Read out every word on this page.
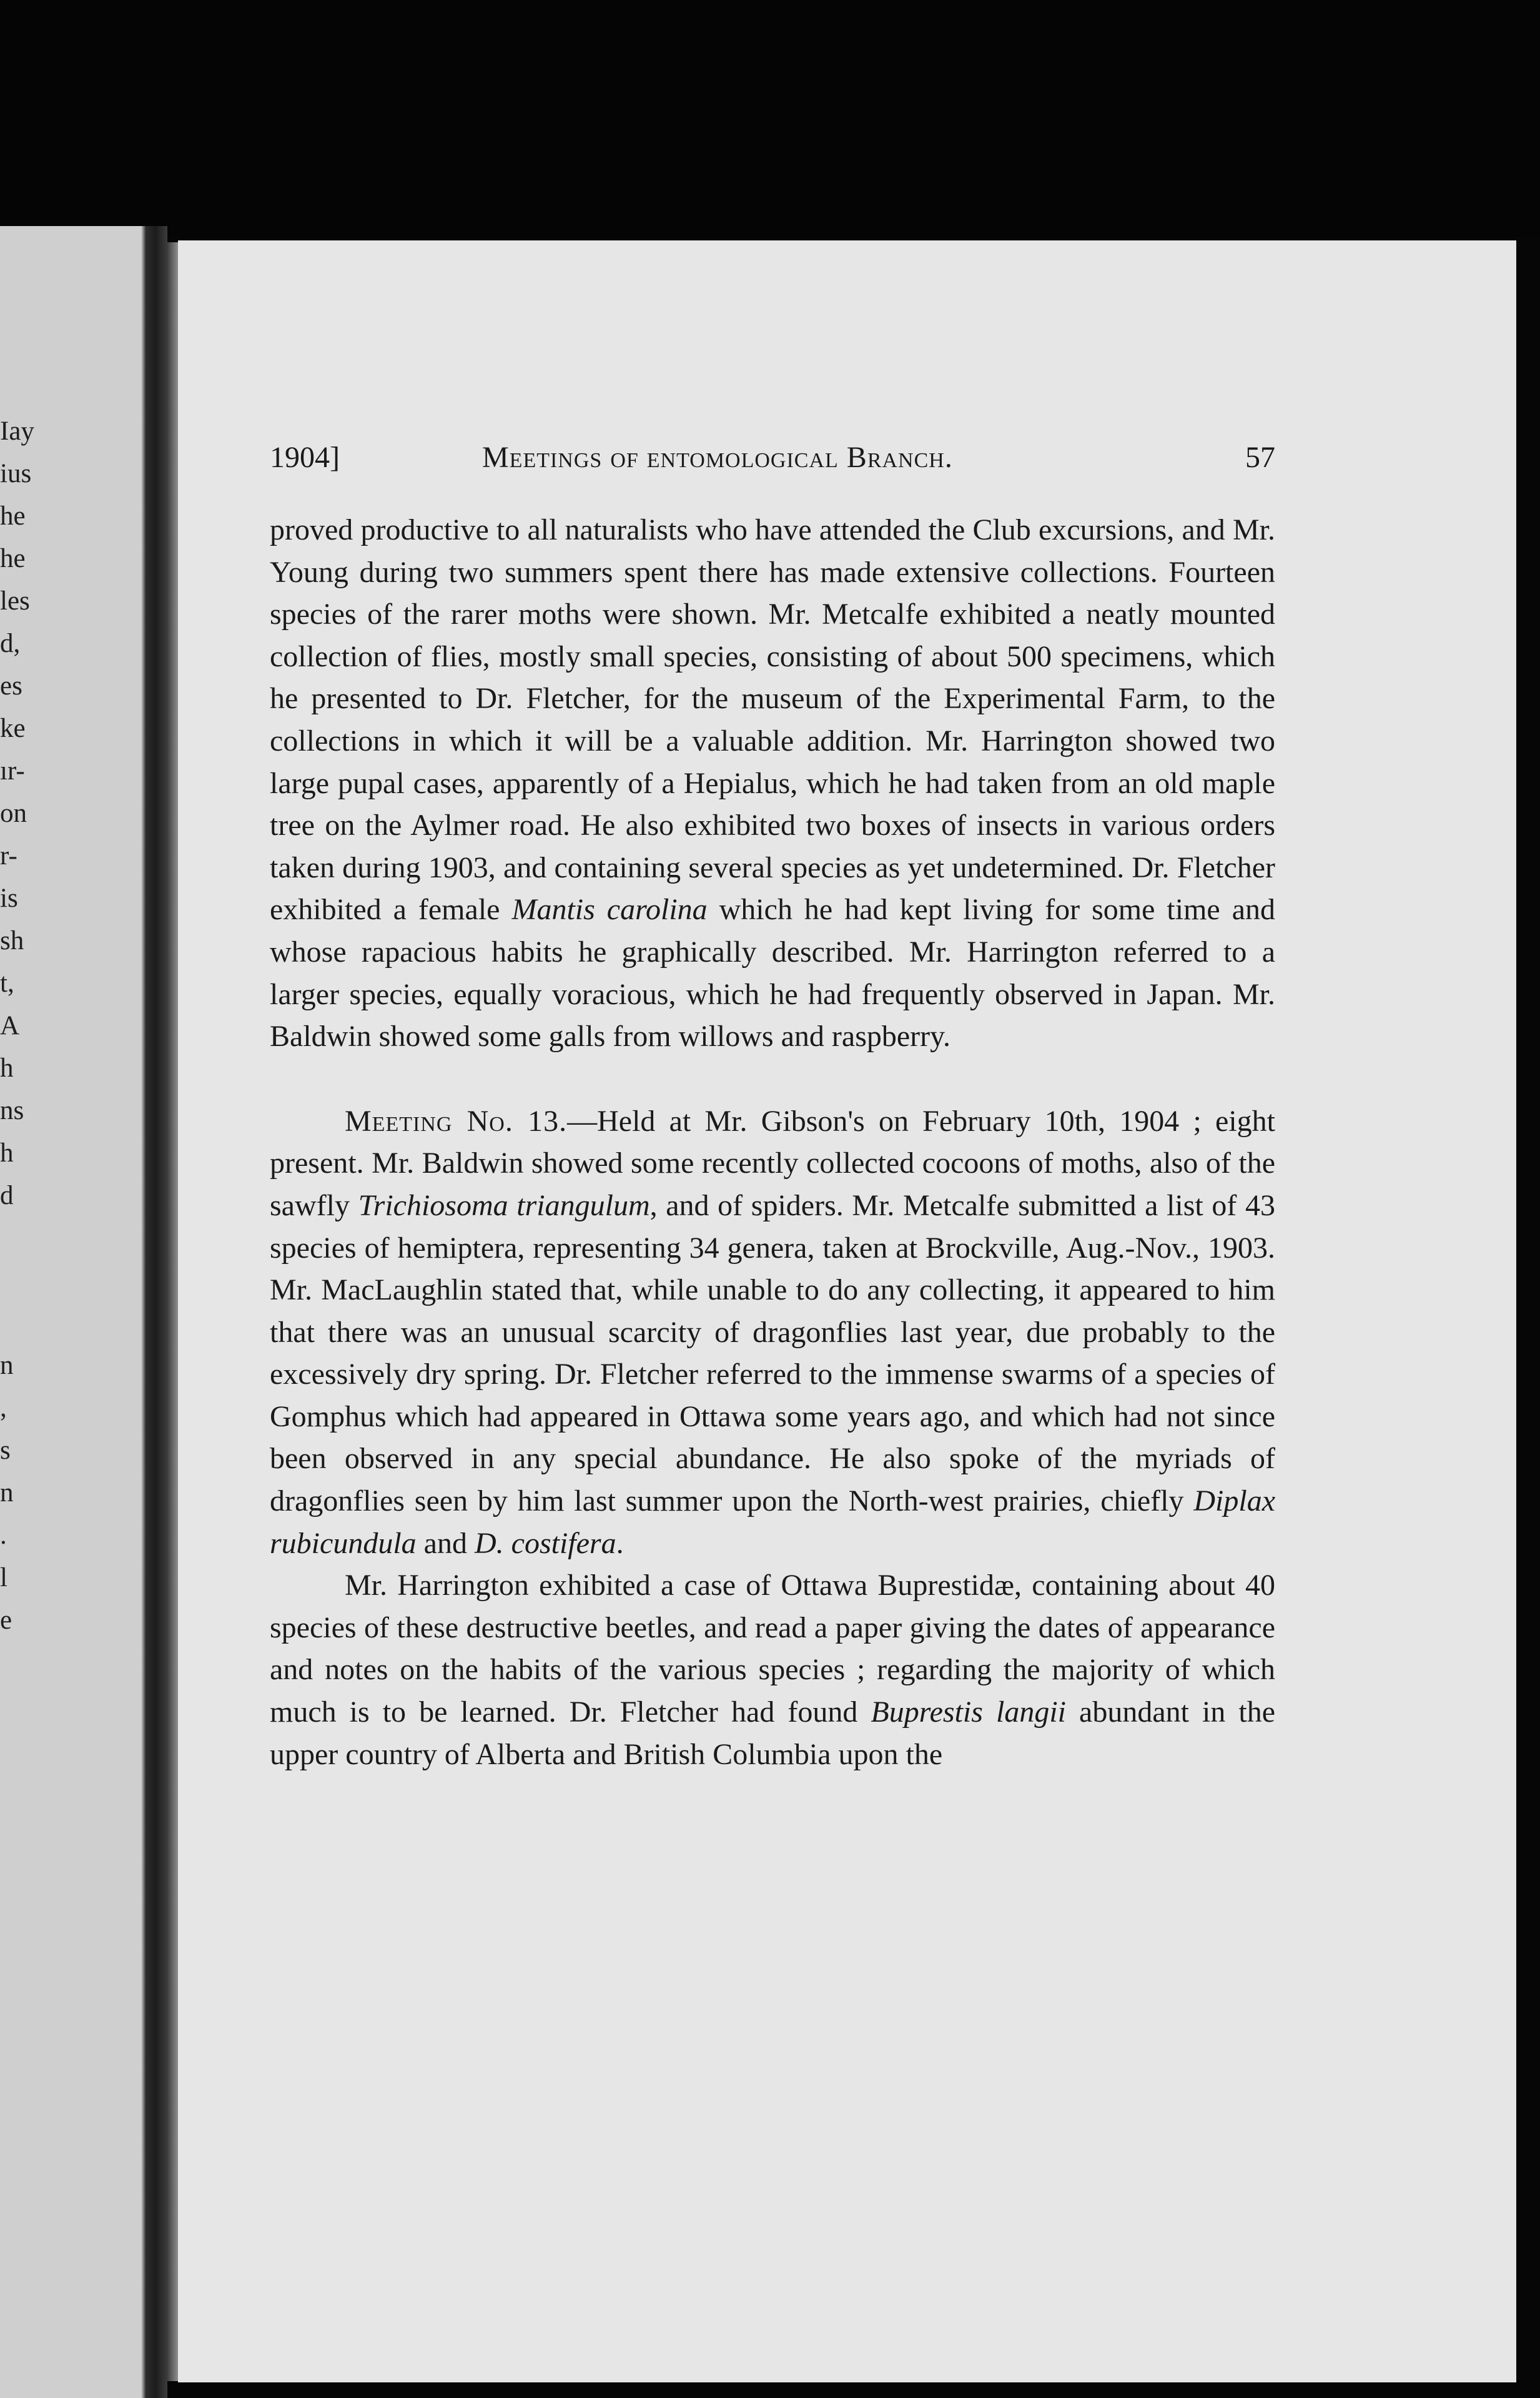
Iay
ius
he
he
les
d,
es
ke
ır-
on
r-
is
sh
t,
A
h
ns
h
d

n
,
s
n
.
l
e
1904]	Meetings of entomological Branch.	57

proved productive to all naturalists who have attended the Club excursions, and Mr. Young during two summers spent there has made extensive collections. Fourteen species of the rarer moths were shown. Mr. Metcalfe exhibited a neatly mounted collection of flies, mostly small species, consisting of about 500 specimens, which he presented to Dr. Fletcher, for the museum of the Experimental Farm, to the collections in which it will be a valuable addition. Mr. Harrington showed two large pupal cases, apparently of a Hepialus, which he had taken from an old maple tree on the Aylmer road. He also exhibited two boxes of insects in various orders taken during 1903, and containing several species as yet undetermined. Dr. Fletcher exhibited a female Mantis carolina which he had kept living for some time and whose rapacious habits he graphically described. Mr. Harrington referred to a larger species, equally voracious, which he had frequently observed in Japan. Mr. Baldwin showed some galls from willows and raspberry.

Meeting No. 13.—Held at Mr. Gibson's on February 10th, 1904 ; eight present. Mr. Baldwin showed some recently collected cocoons of moths, also of the sawfly Trichiosoma triangulum, and of spiders. Mr. Metcalfe submitted a list of 43 species of hemiptera, representing 34 genera, taken at Brockville, Aug.-Nov., 1903. Mr. MacLaughlin stated that, while unable to do any collecting, it appeared to him that there was an unusual scarcity of dragonflies last year, due probably to the excessively dry spring. Dr. Fletcher referred to the immense swarms of a species of Gomphus which had appeared in Ottawa some years ago, and which had not since been observed in any special abundance. He also spoke of the myriads of dragonflies seen by him last summer upon the North-west prairies, chiefly Diplax rubicundula and D. costifera.

Mr. Harrington exhibited a case of Ottawa Buprestidæ, containing about 40 species of these destructive beetles, and read a paper giving the dates of appearance and notes on the habits of the various species ; regarding the majority of which much is to be learned. Dr. Fletcher had found Buprestis langii abundant in the upper country of Alberta and British Columbia upon the
